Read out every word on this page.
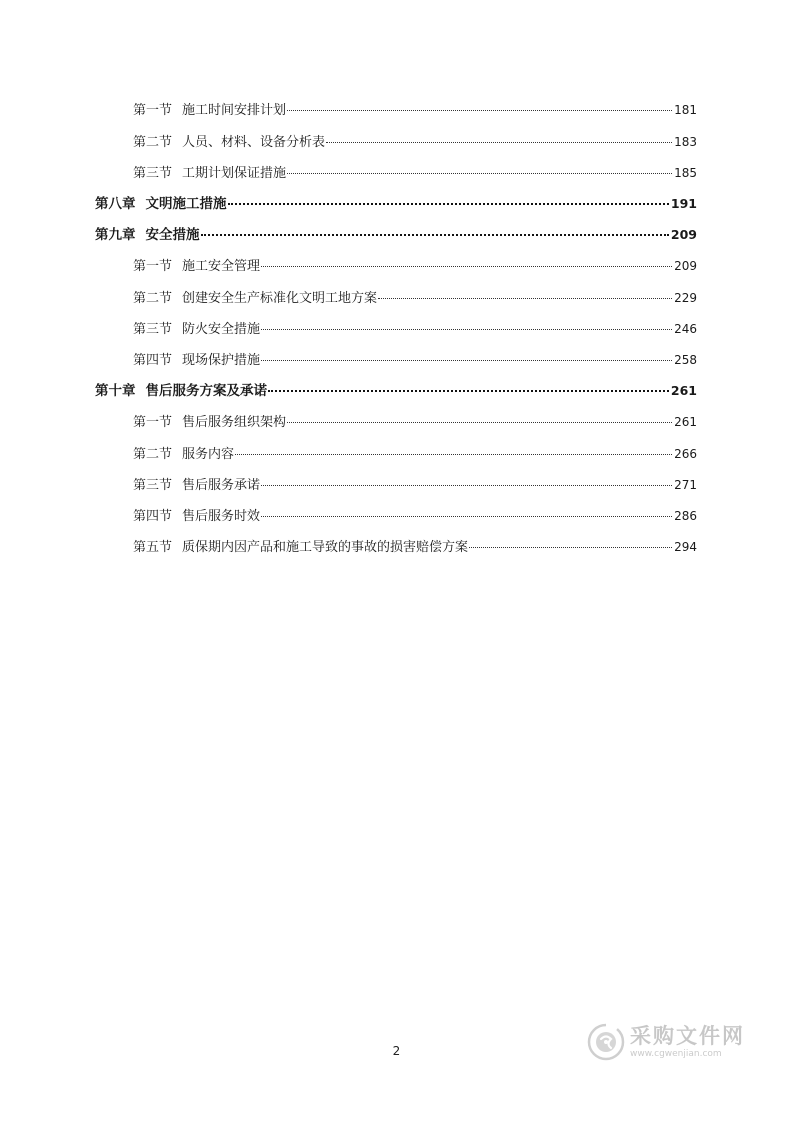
第一节 施工时间安排计划	181
第二节 人员、材料、设备分析表	183
第三节 工期计划保证措施	185
第八章 文明施工措施	191
第九章 安全措施	209
第一节 施工安全管理	209
第二节 创建安全生产标准化文明工地方案	229
第三节 防火安全措施	246
第四节 现场保护措施	258
第十章 售后服务方案及承诺	261
第一节 售后服务组织架构	261
第二节 服务内容	266
第三节 售后服务承诺	271
第四节 售后服务时效	286
第五节 质保期内因产品和施工导致的事故的损害赔偿方案	294
2
采购文件网
www.cgwenjian.com
